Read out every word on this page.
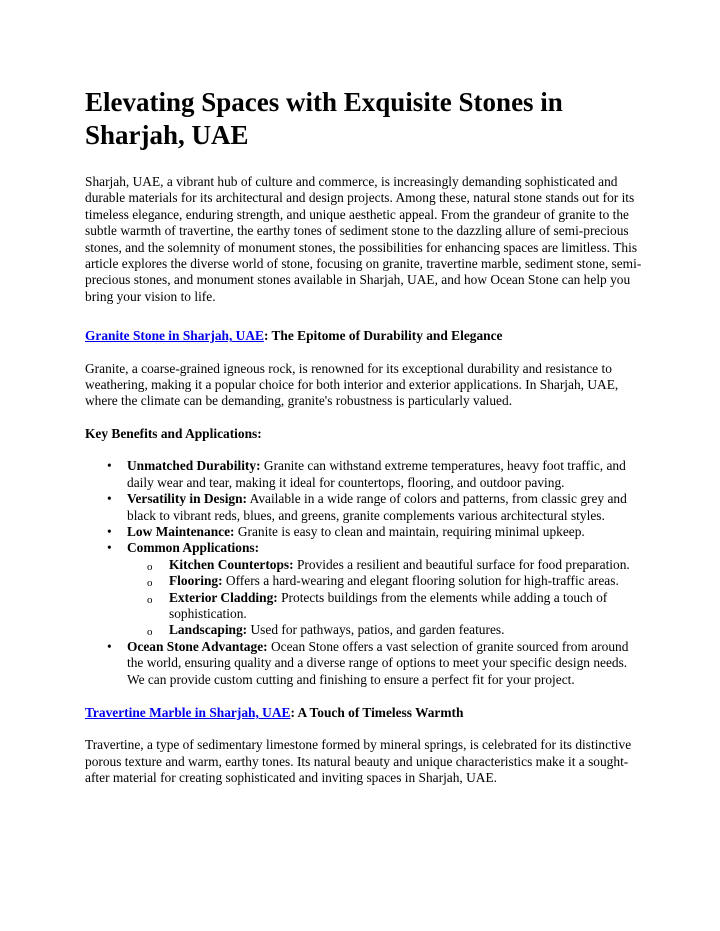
Elevating Spaces with Exquisite Stones in Sharjah, UAE

Sharjah, UAE, a vibrant hub of culture and commerce, is increasingly demanding sophisticated and durable materials for its architectural and design projects. Among these, natural stone stands out for its timeless elegance, enduring strength, and unique aesthetic appeal. From the grandeur of granite to the subtle warmth of travertine, the earthy tones of sediment stone to the dazzling allure of semi-precious stones, and the solemnity of monument stones, the possibilities for enhancing spaces are limitless. This article explores the diverse world of stone, focusing on granite, travertine marble, sediment stone, semi-precious stones, and monument stones available in Sharjah, UAE, and how Ocean Stone can help you bring your vision to life.

Granite Stone in Sharjah, UAE: The Epitome of Durability and Elegance

Granite, a coarse-grained igneous rock, is renowned for its exceptional durability and resistance to weathering, making it a popular choice for both interior and exterior applications. In Sharjah, UAE, where the climate can be demanding, granite's robustness is particularly valued.

Key Benefits and Applications:

•	Unmatched Durability: Granite can withstand extreme temperatures, heavy foot traffic, and daily wear and tear, making it ideal for countertops, flooring, and outdoor paving.
•	Versatility in Design: Available in a wide range of colors and patterns, from classic grey and black to vibrant reds, blues, and greens, granite complements various architectural styles.
•	Low Maintenance: Granite is easy to clean and maintain, requiring minimal upkeep.
•	Common Applications:
o Kitchen Countertops: Provides a resilient and beautiful surface for food preparation.
o Flooring: Offers a hard-wearing and elegant flooring solution for high-traffic areas.
o Exterior Cladding: Protects buildings from the elements while adding a touch of sophistication.
o Landscaping: Used for pathways, patios, and garden features.
•	Ocean Stone Advantage: Ocean Stone offers a vast selection of granite sourced from around the world, ensuring quality and a diverse range of options to meet your specific design needs. We can provide custom cutting and finishing to ensure a perfect fit for your project.

Travertine Marble in Sharjah, UAE: A Touch of Timeless Warmth

Travertine, a type of sedimentary limestone formed by mineral springs, is celebrated for its distinctive porous texture and warm, earthy tones. Its natural beauty and unique characteristics make it a sought-after material for creating sophisticated and inviting spaces in Sharjah, UAE.
